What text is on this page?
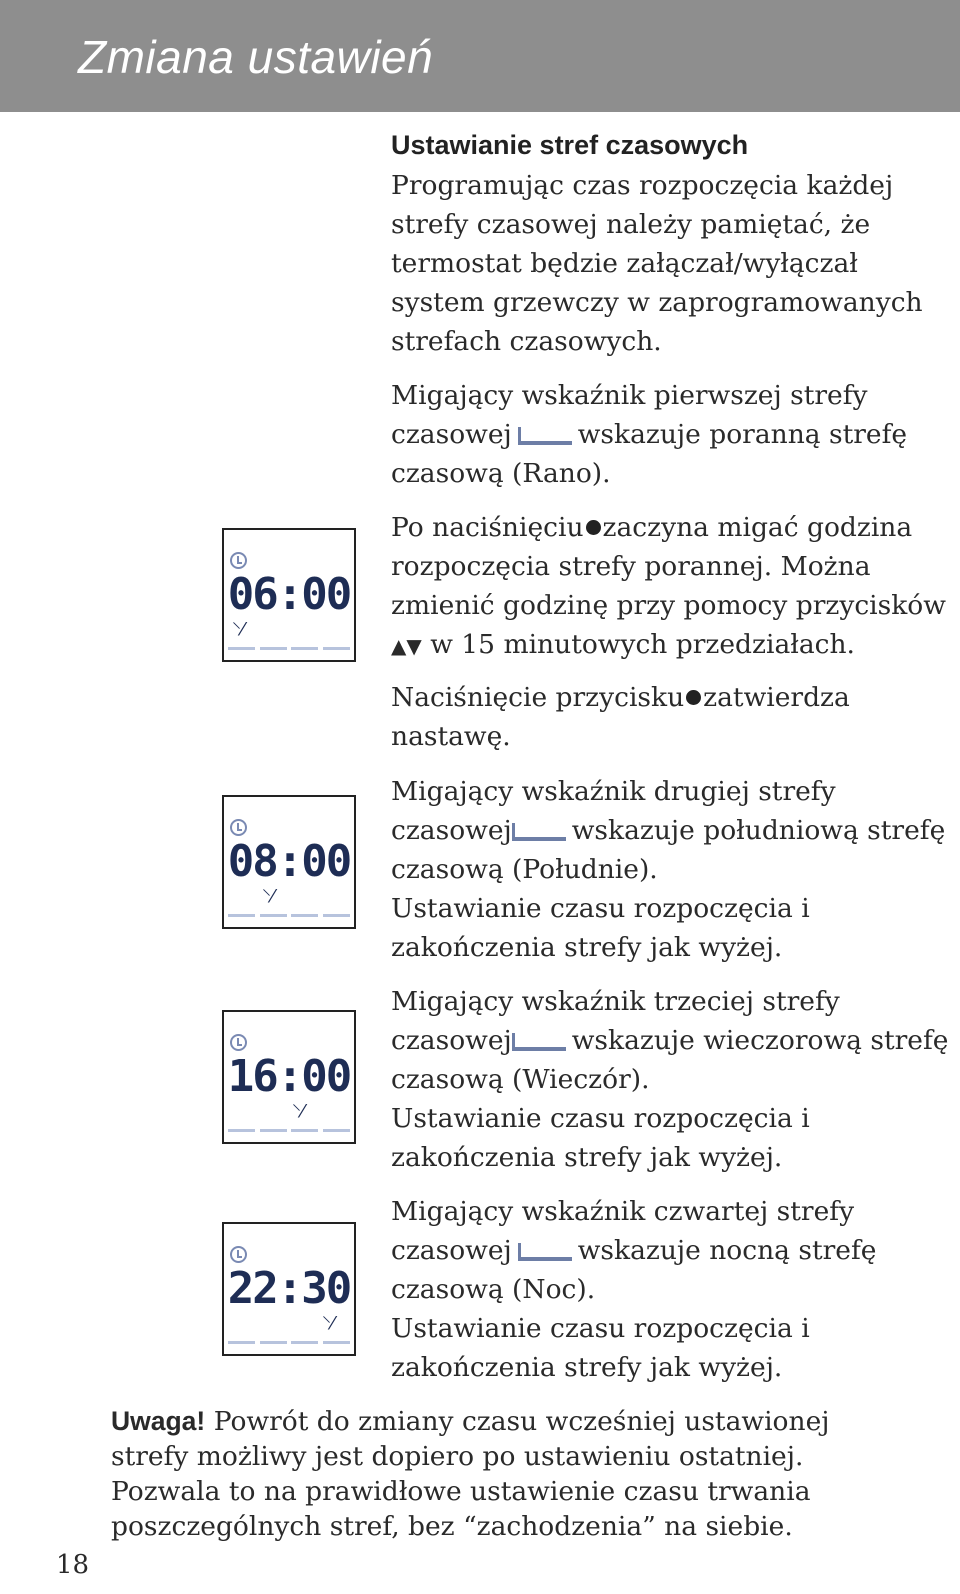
Zmiana ustawień
Ustawianie stref czasowych

Programując czas rozpoczęcia każdej strefy czasowej należy pamiętać, że termostat będzie załączał/wyłączał system grzewczy w zaprogramowanych strefach czasowych.

Migający wskaźnik pierwszej strefy czasowej wskazuje poranną strefę czasową (Rano).

Po naciśnięciu zaczyna migać godzina rozpoczęcia strefy porannej. Można zmienić godzinę przy pomocy przycisków ▲▼ w 15 minutowych przedziałach.

Naciśnięcie przycisku zatwierdza nastawę.

Migający wskaźnik drugiej strefy czasowej wskazuje południową strefę czasową (Południe).
Ustawianie czasu rozpoczęcia i zakończenia strefy jak wyżej.

Migający wskaźnik trzeciej strefy czasowej wskazuje wieczorową strefę czasową (Wieczór).
Ustawianie czasu rozpoczęcia i zakończenia strefy jak wyżej.

Migający wskaźnik czwartej strefy czasowej wskazuje nocną strefę czasową (Noc).
Ustawianie czasu rozpoczęcia i zakończenia strefy jak wyżej.

06:00
⸌⁄
08:00
⸌⁄
16:00
⸌⁄
22:30
⸌⁄

Uwaga! Powrót do zmiany czasu wcześniej ustawionej strefy możliwy jest dopiero po ustawieniu ostatniej. Pozwala to na prawidłowe ustawienie czasu trwania poszczególnych stref, bez “zachodzenia” na siebie.

18
